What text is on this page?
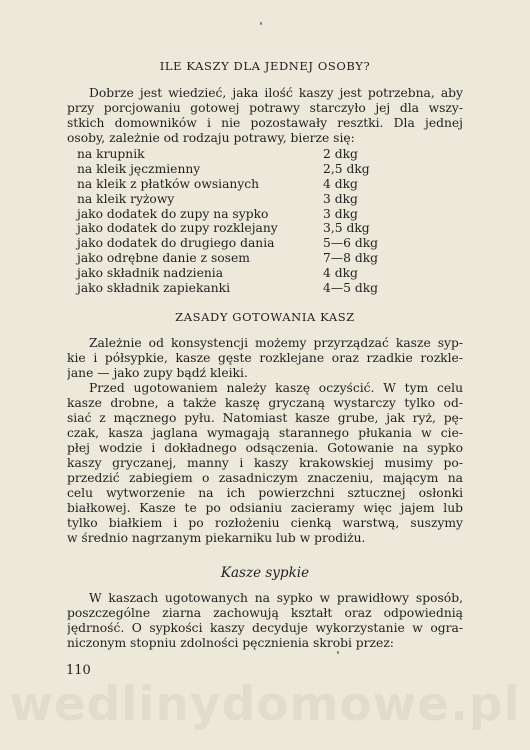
ILE KASZY DLA JEDNEJ OSOBY?
Dobrze jest wiedzieć, jaka ilość kaszy jest potrzebna, aby
przy porcjowaniu gotowej potrawy starczyło jej dla wszy-
stkich domowników i nie pozostawały resztki. Dla jednej
osoby, zależnie od rodzaju potrawy, bierze się:
na krupnik	2 dkg
na kleik jęczmienny	2,5 dkg
na kleik z płatków owsianych	4 dkg
na kleik ryżowy	3 dkg
jako dodatek do zupy na sypko	3 dkg
jako dodatek do zupy rozklejany	3,5 dkg
jako dodatek do drugiego dania	5—6 dkg
jako odrębne danie z sosem	7—8 dkg
jako składnik nadzienia	4 dkg
jako składnik zapiekanki	4—5 dkg
ZASADY GOTOWANIA KASZ
Zależnie od konsystencji możemy przyrządzać kasze syp-
kie i półsypkie, kasze gęste rozklejane oraz rzadkie rozkle-
jane — jako zupy bądź kleiki.
Przed ugotowaniem należy kaszę oczyścić. W tym celu
kasze drobne, a także kaszę gryczaną wystarczy tylko od-
siać z mącznego pyłu. Natomiast kasze grube, jak ryż, pę-
czak, kasza jaglana wymagają starannego płukania w cie-
płej wodzie i dokładnego odsączenia. Gotowanie na sypko
kaszy gryczanej, manny i kaszy krakowskiej musimy po-
przedzić zabiegiem o zasadniczym znaczeniu, mającym na
celu wytworzenie na ich powierzchni sztucznej osłonki
białkowej. Kasze te po odsianiu zacieramy więc jajem lub
tylko białkiem i po rozłożeniu cienką warstwą, suszymy
w średnio nagrzanym piekarniku lub w prodiżu.
Kasze sypkie
W kaszach ugotowanych na sypko w prawidłowy sposób,
poszczególne ziarna zachowują kształt oraz odpowiednią
jędrność. O sypkości kaszy decyduje wykorzystanie w ogra-
niczonym stopniu zdolności pęcznienia skrobi przez:
110
wedlinydomowe.pl
